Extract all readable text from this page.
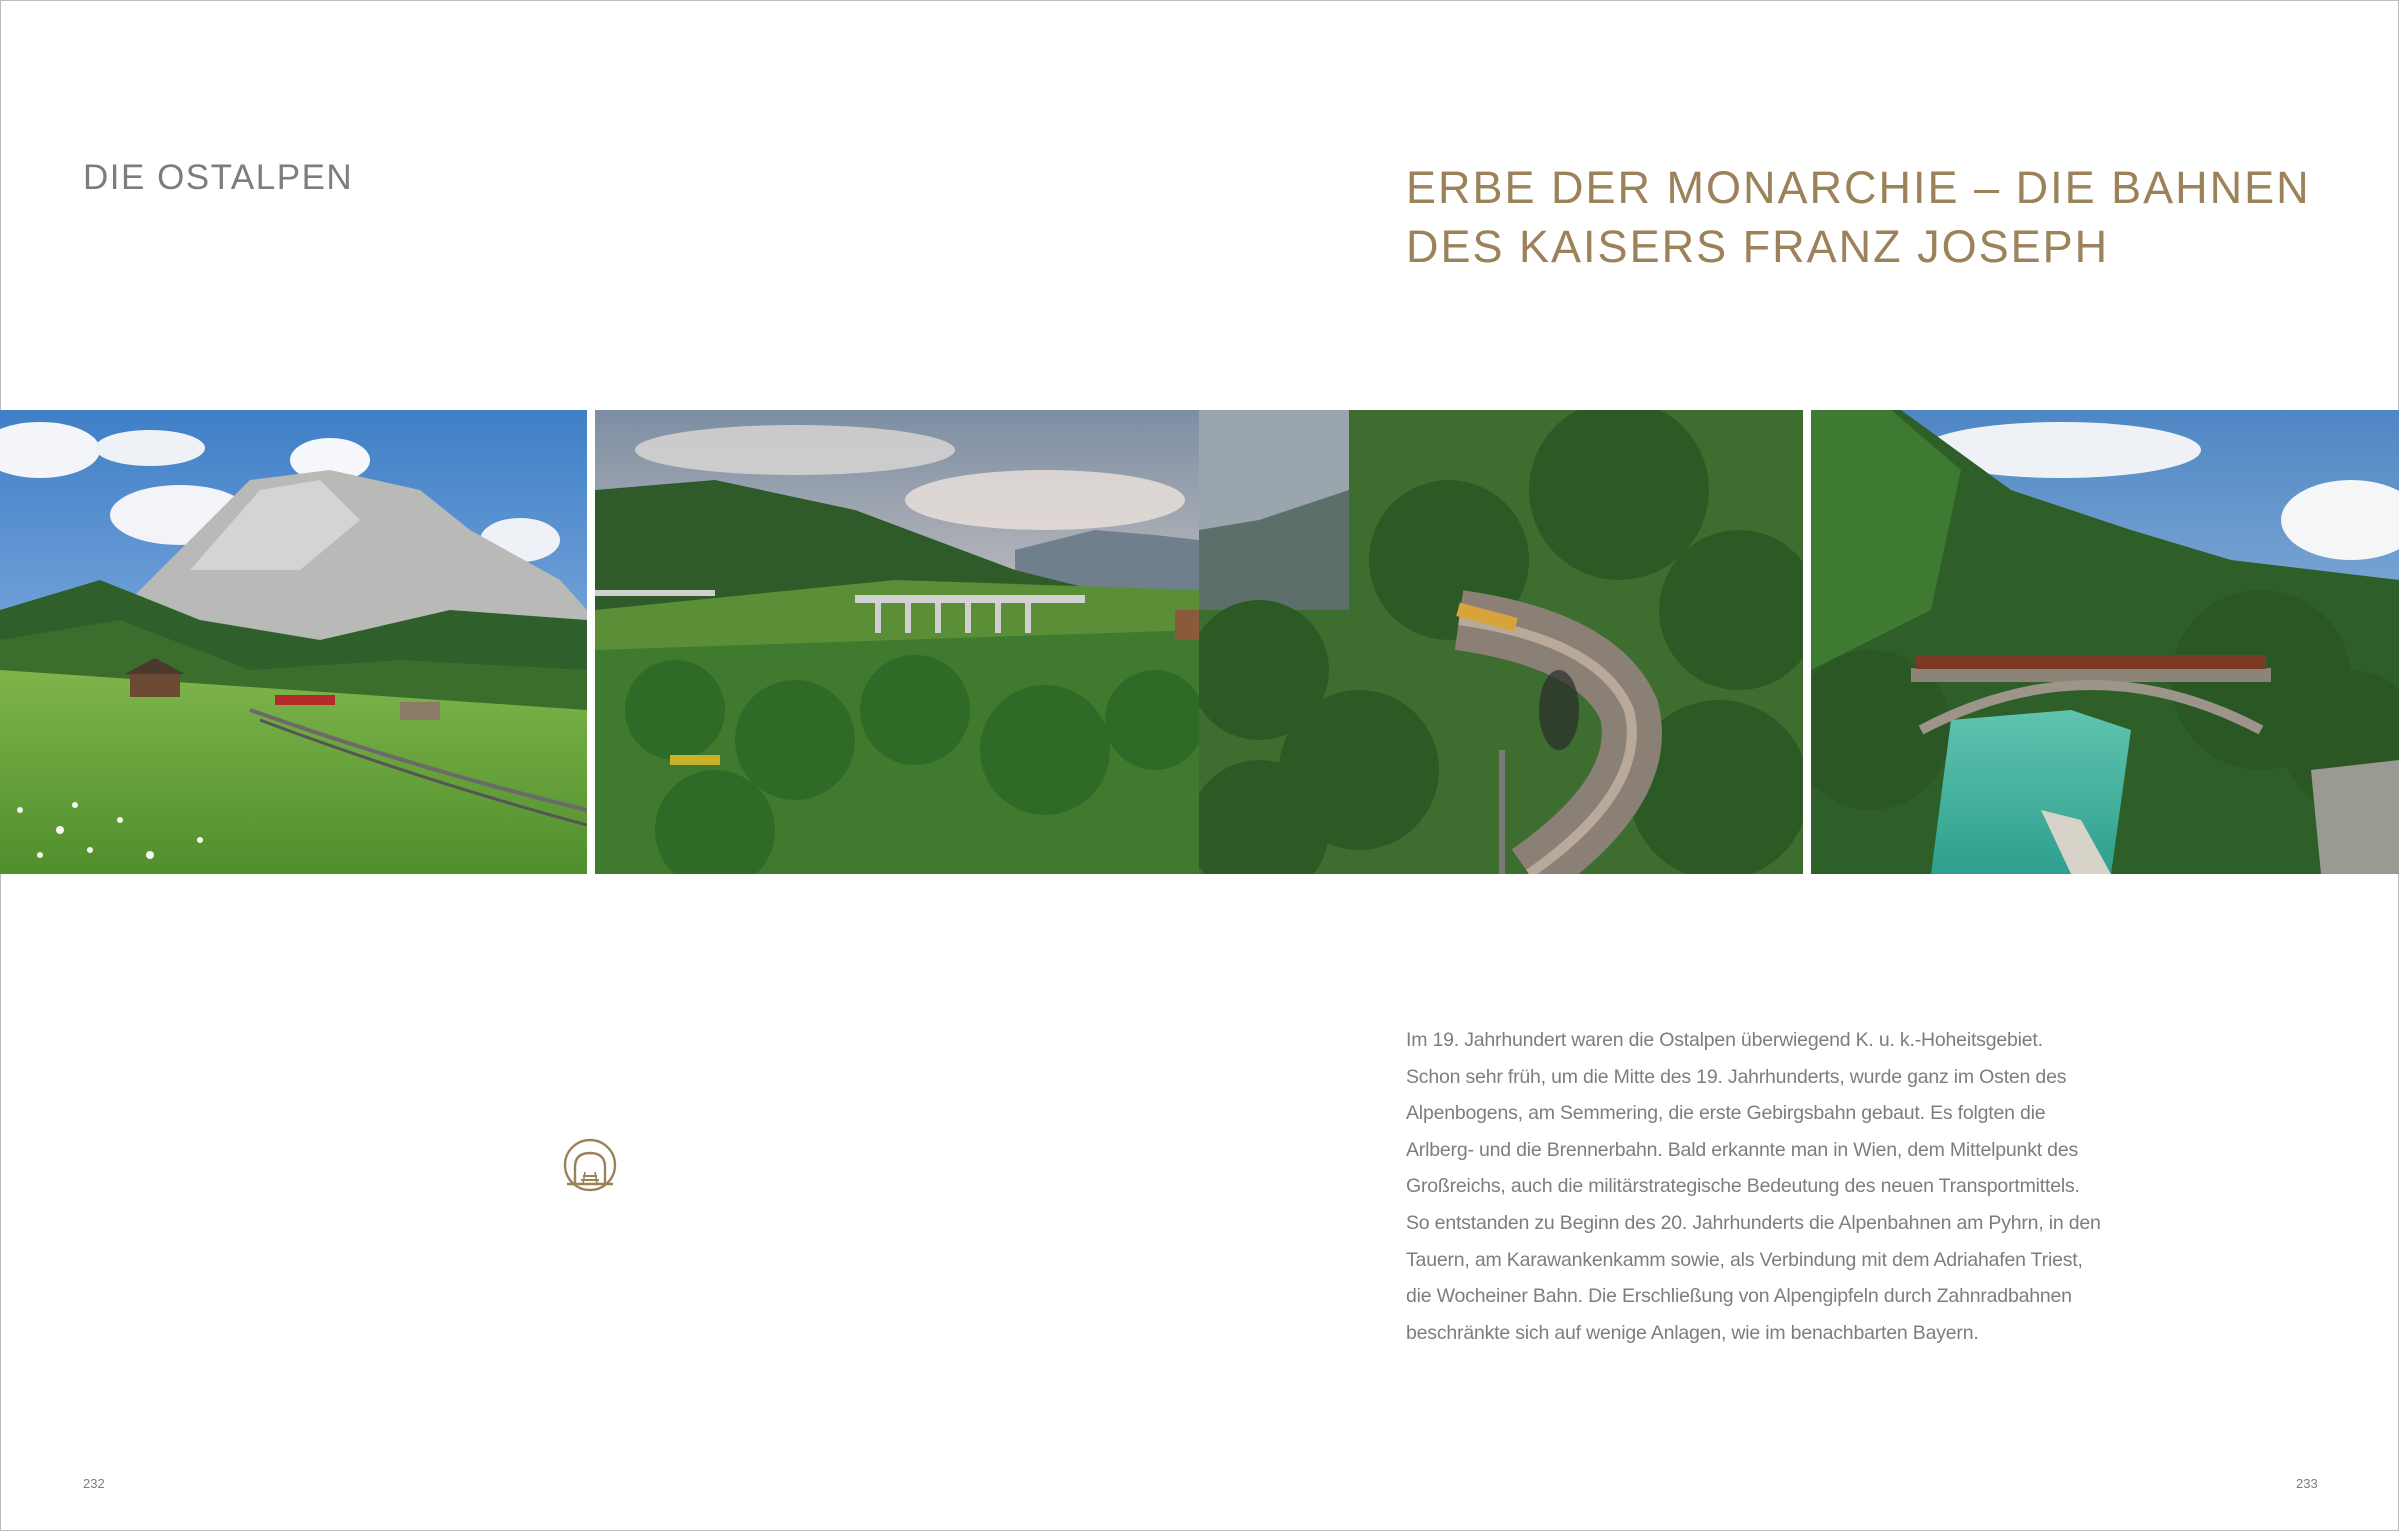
DIE OSTALPEN	ERBE DER MONARCHIE – DIE BAHNEN
DES KAISERS FRANZ JOSEPH
Im 19. Jahrhundert waren die Ostalpen überwiegend K. u. k.-Hoheitsgebiet.
Schon sehr früh, um die Mitte des 19. Jahrhunderts, wurde ganz im Osten des
Alpenbogens, am Semmering, die erste Gebirgsbahn gebaut. Es folgten die
Arlberg- und die Brennerbahn. Bald erkannte man in Wien, dem Mittelpunkt des
Großreichs, auch die militärstrategische Bedeutung des neuen Transportmittels.
So entstanden zu Beginn des 20. Jahrhunderts die Alpenbahnen am Pyhrn, in den
Tauern, am Karawankenkamm sowie, als Verbindung mit dem Adriahafen Triest,
die Wocheiner Bahn. Die Erschließung von Alpengipfeln durch Zahnradbahnen
beschränkte sich auf wenige Anlagen, wie im benachbarten Bayern.
232	233
